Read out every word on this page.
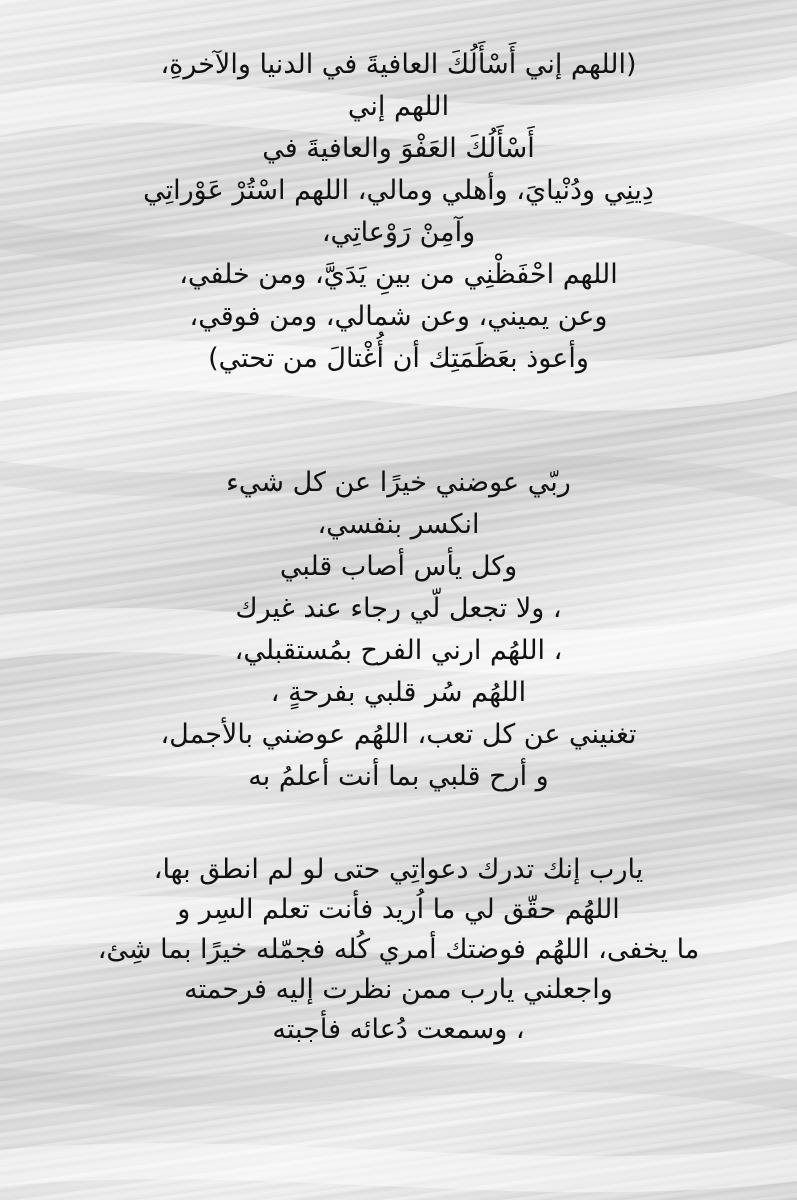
(اللهم إني أَسْأَلُكَ العافيةَ في الدنيا والآخرةِ،
اللهم إني
أَسْأَلُكَ العَفْوَ والعافيةَ في
دِينِي ودُنْيايَ، وأهلي ومالي، اللهم اسْتُرْ عَوْراتِي
وآمِنْ رَوْعاتِي،
اللهم احْفَظْنِي من بينِ يَدَيَّ، ومن خلفي،
وعن يميني، وعن شمالي، ومن فوقي،
وأعوذ بعَظَمَتِك أن أُغْتالَ من تحتي)
ربّي عوضني خيرًا عن كل شيء
انكسر بنفسي،
وكل يأس أصاب قلبي
، ولا تجعل لّي رجاء عند غيرك
، اللهُم ارني الفرح بمُستقبلي،
اللهُم سُر قلبي بفرحةٍ ،
تغنيني عن كل تعب، اللهُم عوضني بالأجمل،
و أرح قلبي بما أنت أعلمُ به
يارب إنك تدرك دعواتِي حتى لو لم انطق بها،
اللهُم حقّق لي ما اُريد فأنت تعلم السِر و
ما يخفى، اللهُم فوضتك أمري كُله فجمّله خيرًا بما شِئ،
واجعلني يارب ممن نظرت إليه فرحمته
، وسمعت دُعائه فأجبته
